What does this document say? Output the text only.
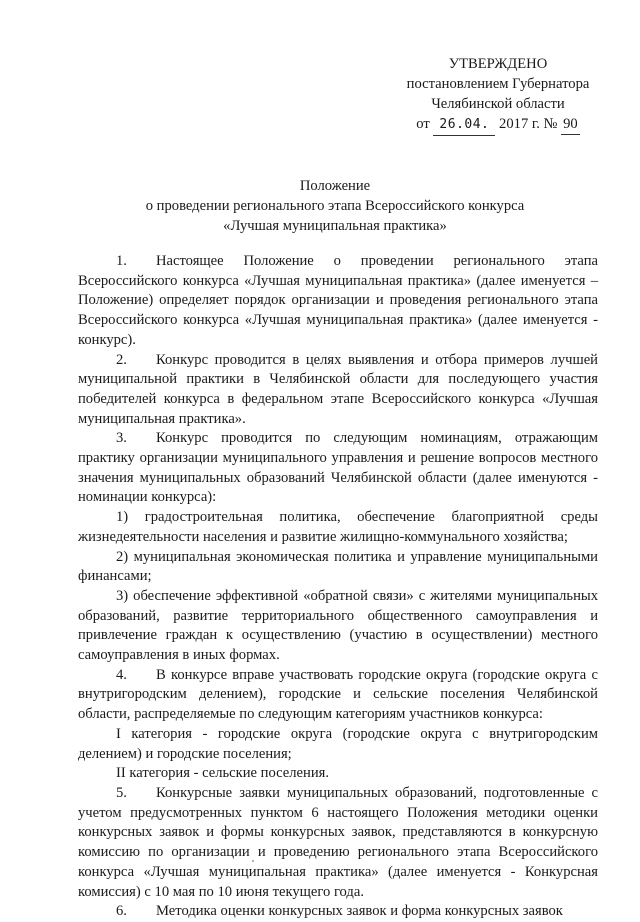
УТВЕРЖДЕНО
постановлением Губернатора
Челябинской области
от 26.04. 2017 г. № 90
Положение
о проведении регионального этапа Всероссийского конкурса
«Лучшая муниципальная практика»

1. Настоящее Положение о проведении регионального этапа Всероссийского конкурса «Лучшая муниципальная практика» (далее именуется – Положение) определяет порядок организации и проведения регионального этапа Всероссийского конкурса «Лучшая муниципальная практика» (далее именуется - конкурс).

2. Конкурс проводится в целях выявления и отбора примеров лучшей муниципальной практики в Челябинской области для последующего участия победителей конкурса в федеральном этапе Всероссийского конкурса «Лучшая муниципальная практика».

3. Конкурс проводится по следующим номинациям, отражающим практику организации муниципального управления и решение вопросов местного значения муниципальных образований Челябинской области (далее именуются - номинации конкурса):

1) градостроительная политика, обеспечение благоприятной среды жизнедеятельности населения и развитие жилищно-коммунального хозяйства;

2) муниципальная экономическая политика и управление муниципальными финансами;

3) обеспечение эффективной «обратной связи» с жителями муниципальных образований, развитие территориального общественного самоуправления и привлечение граждан к осуществлению (участию в осуществлении) местного самоуправления в иных формах.

4. В конкурсе вправе участвовать городские округа (городские округа с внутригородским делением), городские и сельские поселения Челябинской области, распределяемые по следующим категориям участников конкурса:

I категория - городские округа (городские округа с внутригородским делением) и городские поселения;

II категория - сельские поселения.

5. Конкурсные заявки муниципальных образований, подготовленные с учетом предусмотренных пунктом 6 настоящего Положения методики оценки конкурсных заявок и формы конкурсных заявок, представляются в конкурсную комиссию по организации и проведению регионального этапа Всероссийского конкурса «Лучшая муниципальная практика» (далее именуется - Конкурсная комиссия) с 10 мая по 10 июня текущего года.

6. Методика оценки конкурсных заявок и форма конкурсных заявок
